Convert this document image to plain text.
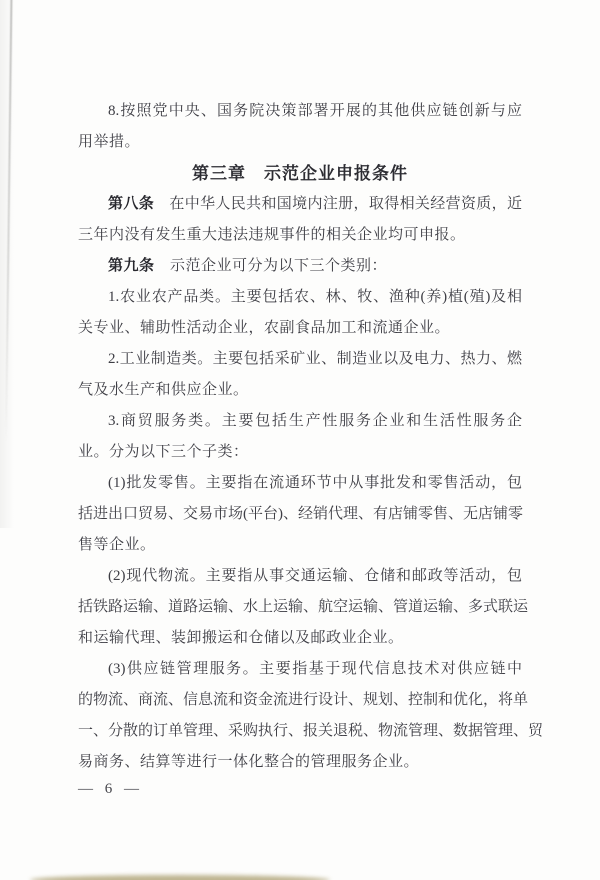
8.按照党中央、国务院决策部署开展的其他供应链创新与应
用举措。
第三章　示范企业申报条件
第八条　在中华人民共和国境内注册，取得相关经营资质，近
三年内没有发生重大违法违规事件的相关企业均可申报。
第九条　示范企业可分为以下三个类别：
1.农业农产品类。主要包括农、林、牧、渔种(养)植(殖)及相
关专业、辅助性活动企业，农副食品加工和流通企业。
2.工业制造类。主要包括采矿业、制造业以及电力、热力、燃
气及水生产和供应企业。
3.商贸服务类。主要包括生产性服务企业和生活性服务企
业。分为以下三个子类：
(1)批发零售。主要指在流通环节中从事批发和零售活动，包
括进出口贸易、交易市场(平台)、经销代理、有店铺零售、无店铺零
售等企业。
(2)现代物流。主要指从事交通运输、仓储和邮政等活动，包
括铁路运输、道路运输、水上运输、航空运输、管道运输、多式联运
和运输代理、装卸搬运和仓储以及邮政业企业。
(3)供应链管理服务。主要指基于现代信息技术对供应链中
的物流、商流、信息流和资金流进行设计、规划、控制和优化，将单
一、分散的订单管理、采购执行、报关退税、物流管理、数据管理、贸
易商务、结算等进行一体化整合的管理服务企业。
— 6 —
